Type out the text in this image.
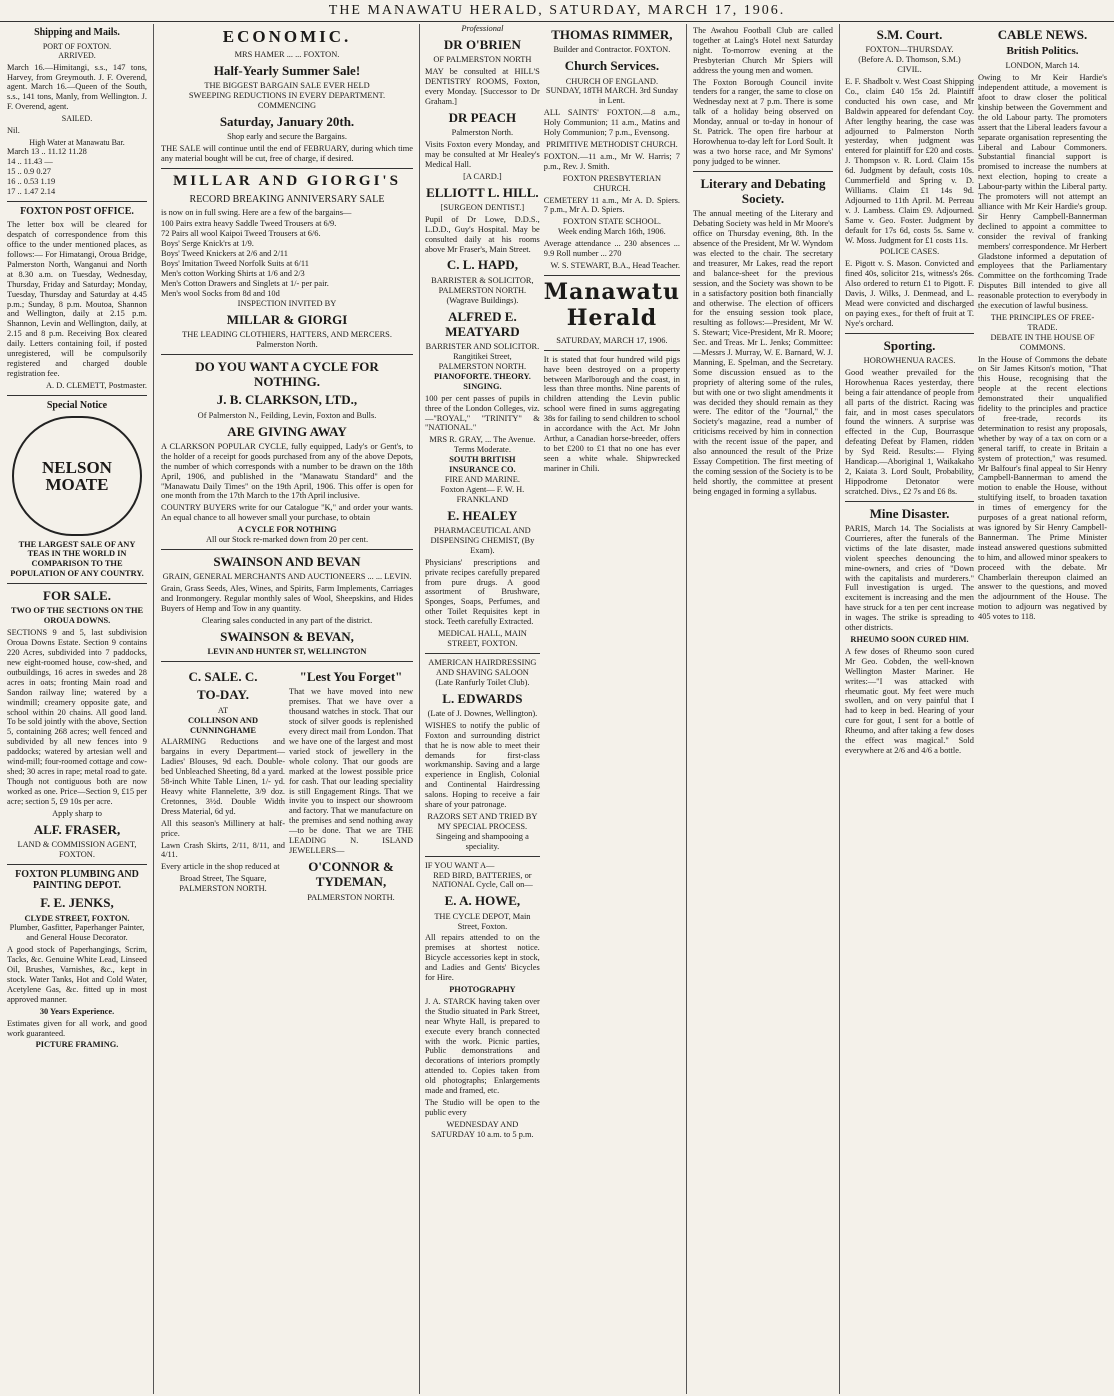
THE MANAWATU HERALD, SATURDAY, MARCH 17, 1906.
Shipping and Mails.
PORT OF FOXTON.
ARRIVED.

March 16.—Himitangi, s.s., 147 tons, Harvey, from Greymouth. J. F. Overend, agent. March 16.—Queen of the South, s.s., 141 tons, Manly, from Wellington. J. F. Overend, agent.

SAILED.

Nil.

High Water at Manawatu Bar.
March 13 .. 11.12 11.28
14 .. 11.43 —
15 .. 0.9 0.27
16 .. 0.53 1.19
17 .. 1.47 2.14
FOXTON POST OFFICE.

The letter box will be cleared for despatch of correspondence from this office to the under mentioned places, as follows:— For Himatangi, Oroua Bridge, Palmerston North, Wanganui and North at 8.30 a.m. on Tuesday, Wednesday, Thursday, Friday and Saturday; Monday, Tuesday, Thursday and Saturday at 4.45 p.m.; Sunday, 8 p.m. Moutoa, Shannon and Wellington, daily at 2.15 p.m. Shannon, Levin and Wellington, daily, at 2.15 and 8 p.m. Receiving Box cleared daily. Letters containing foil, if posted unregistered, will be compulsorily registered and charged double registration fee.

A. D. CLEMETT, Postmaster.
Special Notice
NELSON MOATE
THE LARGEST SALE OF ANY TEAS IN THE WORLD IN COMPARISON TO THE POPULATION OF ANY COUNTRY.
FOR SALE.
TWO OF THE SECTIONS ON THE OROUA DOWNS.

SECTIONS 9 and 5, last subdivision Oroua Downs Estate. Section 9 contains 220 Acres, subdivided into 7 paddocks, new eight-roomed house, cow-shed, and outbuildings, 16 acres in swedes and 28 acres in oats; fronting Main road and Sandon railway line; watered by a windmill; creamery opposite gate, and school within 20 chains. All good land. To be sold jointly with the above, Section 5, containing 268 acres; well fenced and subdivided by all new fences into 9 paddocks; watered by artesian well and wind-mill; four-roomed cottage and cow-shed; 30 acres in rape; metal road to gate. Though not contiguous both are now worked as one. Price—Section 9, £15 per acre; section 5, £9 10s per acre.

Apply sharp to
ALF. FRASER,
LAND & COMMISSION AGENT, FOXTON.
FOXTON PLUMBING AND PAINTING DEPOT.
F. E. JENKS,
CLYDE STREET, FOXTON.
Plumber, Gasfitter, Paperhanger Painter, and General House Decorator.

A good stock of Paperhangings, Scrim, Tacks, &c. Genuine White Lead, Linseed Oil, Brushes, Varnishes, &c., kept in stock. Water Tanks, Hot and Cold Water, Acetylene Gas, &c. fitted up in most approved manner.

30 Years Experience.

Estimates given for all work, and good work guaranteed.

PICTURE FRAMING.
ECONOMIC.
MRS HAMER ... ... FOXTON.
Half-Yearly Summer Sale!
THE BIGGEST BARGAIN SALE EVER HELD
SWEEPING REDUCTIONS IN EVERY DEPARTMENT.
COMMENCING
Saturday, January 20th.
Shop early and secure the Bargains.

THE SALE will continue until the end of FEBRUARY, during which time any material bought will be cut, free of charge, if desired.

MILLAR AND GIORGI'S
RECORD BREAKING ANNIVERSARY SALE

is now on in full swing. Here are a few of the bargains—

100 Pairs extra heavy Saddle Tweed Trousers at 6/9.
72 Pairs all wool Kaipoi Tweed Trousers at 6/6.
Boys' Serge Knick'rs at 1/9.
Boys' Tweed Knickers at 2/6 and 2/11
Boys' Imitation Tweed Norfolk Suits at 6/11
Men's cotton Working Shirts at 1/6 and 2/3
Men's Cotton Drawers and Singlets at 1/- per pair.
Men's wool Socks from 8d and 10d
INSPECTION INVITED BY
MILLAR & GIORGI
THE LEADING CLOTHIERS, HATTERS, AND MERCERS.
Palmerston North.
DO YOU WANT A CYCLE FOR NOTHING.
J. B. CLARKSON, LTD.,
Of Palmerston N., Feilding, Levin, Foxton and Bulls.
ARE GIVING AWAY

A CLARKSON POPULAR CYCLE, fully equipped, Lady's or Gent's, to the holder of a receipt for goods purchased from any of the above Depots, the number of which corresponds with a number to be drawn on the 18th April, 1906, and published in the "Manawatu Standard" and the "Manawatu Daily Times" on the 19th April, 1906. This offer is open for one month from the 17th March to the 17th April inclusive.

COUNTRY BUYERS write for our Catalogue "K," and order your wants. An equal chance to all however small your purchase, to obtain

A CYCLE FOR NOTHING
All our Stock re-marked down from 20 per cent.
SWAINSON AND BEVAN
GRAIN, GENERAL MERCHANTS AND AUCTIONEERS ... ... LEVIN.

Grain, Grass Seeds, Ales, Wines, and Spirits, Farm Implements, Carriages and Ironmongery. Regular monthly sales of Wool, Sheepskins, and Hides Buyers of Hemp and Tow in any quantity.

Clearing sales conducted in any part of the district.
SWAINSON & BEVAN,
LEVIN AND HUNTER ST, WELLINGTON
C. SALE. C.
TO-DAY.
AT
COLLINSON AND CUNNINGHAME

ALARMING Reductions and bargains in every Department— Ladies' Blouses, 9d each. Double-bed Unbleached Sheeting, 8d a yard. 58-inch White Table Linen, 1/- yd. Heavy white Flannelette, 3/9 doz. Cretonnes, 3½d. Double Width Dress Material, 6d yd.

All this season's Millinery at half-price.

Lawn Crash Skirts, 2/11, 8/11, and 4/11.

Every article in the shop reduced at

Broad Street, The Square, PALMERSTON NORTH.
"Lest You Forget"

That we have moved into new premises. That we have over a thousand watches in stock. That our stock of silver goods is replenished every direct mail from London. That we have one of the largest and most varied stock of jewellery in the whole colony. That our goods are marked at the lowest possible price for cash. That our leading speciality is still Engagement Rings. That we invite you to inspect our showroom and factory. That we manufacture on the premises and send nothing away—to be done. That we are THE LEADING N. ISLAND JEWELLERS—

O'CONNOR & TYDEMAN,
PALMERSTON NORTH.
Professional
DR O'BRIEN
OF PALMERSTON NORTH

MAY be consulted at HILL'S DENTISTRY ROOMS, Foxton, every Monday. [Successor to Dr Graham.]

DR PEACH
Palmerston North.

Visits Foxton every Monday, and may be consulted at Mr Healey's Medical Hall.

[A CARD.]
ELLIOTT L. HILL.
[SURGEON DENTIST.]

Pupil of Dr Lowe, D.D.S., L.D.D., Guy's Hospital. May be consulted daily at his rooms above Mr Fraser's, Main Street.

C. L. HAPD,
BARRISTER & SOLICITOR, PALMERSTON NORTH. (Wagrave Buildings).
ALFRED E. MEATYARD
BARRISTER AND SOLICITOR. Rangitikei Street, PALMERSTON NORTH.
PIANOFORTE. THEORY. SINGING.

100 per cent passes of pupils in three of the London Colleges, viz.—"ROYAL," "TRINITY" & "NATIONAL."

MRS R. GRAY, ... The Avenue. Terms Moderate.
SOUTH BRITISH INSURANCE CO.
FIRE AND MARINE.
Foxton Agent— F. W. H. FRANKLAND
E. HEALEY
PHARMACEUTICAL AND DISPENSING CHEMIST, (By Exam).

Physicians' prescriptions and private recipes carefully prepared from pure drugs. A good assortment of Brushware, Sponges, Soaps, Perfumes, and other Toilet Requisites kept in stock. Teeth carefully Extracted.

MEDICAL HALL, MAIN STREET, FOXTON.
AMERICAN HAIRDRESSING AND SHAVING SALOON
(Late Ranfurly Toilet Club).
L. EDWARDS
(Late of J. Downes, Wellington).

WISHES to notify the public of Foxton and surrounding district that he is now able to meet their demands for first-class workmanship. Saving and a large experience in English, Colonial and Continental Hairdressing salons. Hoping to receive a fair share of your patronage.

RAZORS SET AND TRIED BY MY SPECIAL PROCESS.
Singeing and shampooing a speciality.
IF YOU WANT A—
RED BIRD, BATTERIES, or NATIONAL Cycle, Call on—
E. A. HOWE,
THE CYCLE DEPOT, Main Street, Foxton.

All repairs attended to on the premises at shortest notice. Bicycle accessories kept in stock, and Ladies and Gents' Bicycles for Hire.

PHOTOGRAPHY

J. A. STARCK having taken over the Studio situated in Park Street, near Whyte Hall, is prepared to execute every branch connected with the work. Picnic parties, Public demonstrations and decorations of interiors promptly attended to. Copies taken from old photographs; Enlargements made and framed, etc.

The Studio will be open to the public every

WEDNESDAY AND SATURDAY 10 a.m. to 5 p.m.
THOMAS RIMMER,
Builder and Contractor. FOXTON.
Church Services.
CHURCH OF ENGLAND.
SUNDAY, 18TH MARCH. 3rd Sunday in Lent.

ALL SAINTS' FOXTON.—8 a.m., Holy Communion; 11 a.m., Matins and Holy Communion; 7 p.m., Evensong.

PRIMITIVE METHODIST CHURCH.

FOXTON.—11 a.m., Mr W. Harris; 7 p.m., Rev. J. Smith.

FOXTON PRESBYTERIAN CHURCH.

CEMETERY 11 a.m., Mr A. D. Spiers. 7 p.m., Mr A. D. Spiers.

FOXTON STATE SCHOOL.
Week ending March 16th, 1906.

Average attendance ... 230 absences ... 9.9 Roll number ... 270

W. S. STEWART, B.A., Head Teacher.
Manawatu Herald
SATURDAY, MARCH 17, 1906.

It is stated that four hundred wild pigs have been destroyed on a property between Marlborough and the coast, in less than three months. Nine parents of children attending the Levin public school were fined in sums aggregating 38s for failing to send children to school in accordance with the Act. Mr John Arthur, a Canadian horse-breeder, offers to bet £200 to £1 that no one has ever seen a white whale. Shipwrecked mariner in Chili.

The Awahou Football Club are called together at Laing's Hotel next Saturday night. To-morrow evening at the Presbyterian Church Mr Spiers will address the young men and women.

The Foxton Borough Council invite tenders for a ranger, the same to close on Wednesday next at 7 p.m. There is some talk of a holiday being observed on Monday, annual or to-day in honour of St. Patrick. The open fire harbour at Horowhenua to-day left for Lord Soult. It was a two horse race, and Mr Symons' pony judged to be winner.

Literary and Debating Society.

The annual meeting of the Literary and Debating Society was held in Mr Moore's office on Thursday evening, 8th. In the absence of the President, Mr W. Wyndom was elected to the chair. The secretary and treasurer, Mr Lakes, read the report and balance-sheet for the previous session, and the Society was shown to be in a satisfactory position both financially and otherwise. The election of officers for the ensuing session took place, resulting as follows:—President, Mr W. S. Stewart; Vice-President, Mr R. Moore; Sec. and Treas. Mr L. Jenks; Committee:—Messrs J. Murray, W. E. Barnard, W. J. Manning, E. Spelman, and the Secretary. Some discussion ensued as to the propriety of altering some of the rules, but with one or two slight amendments it was decided they should remain as they were. The editor of the "Journal," the Society's magazine, read a number of criticisms received by him in connection with the recent issue of the paper, and also announced the result of the Prize Essay Competition. The first meeting of the coming session of the Society is to be held shortly, the committee at present being engaged in forming a syllabus.

S.M. Court.
FOXTON—THURSDAY.
(Before A. D. Thomson, S.M.)
CIVIL.

E. F. Shadbolt v. West Coast Shipping Co., claim £40 15s 2d. Plaintiff conducted his own case, and Mr Baldwin appeared for defendant Coy. After lengthy hearing, the case was adjourned to Palmerston North yesterday, when judgment was entered for plaintiff for £20 and costs. J. Thompson v. R. Lord. Claim 15s 6d. Judgment by default, costs 10s. Cummerfield and Spring v. D. Williams. Claim £1 14s 9d. Adjourned to 11th April. M. Perreau v. J. Lambess. Claim £9. Adjourned. Same v. Geo. Foster. Judgment by default for 17s 6d, costs 5s. Same v. W. Moss. Judgment for £1 costs 11s.

POLICE CASES.

E. Pigott v. S. Mason. Convicted and fined 40s, solicitor 21s, witness's 26s. Also ordered to return £1 to Pigott. F. Davis, J. Wilks, J. Denmead, and L. Mead were convicted and discharged on paying exes., for theft of fruit at T. Nye's orchard.

Sporting.
HOROWHENUA RACES.

Good weather prevailed for the Horowhenua Races yesterday, there being a fair attendance of people from all parts of the district. Racing was fair, and in most cases speculators found the winners. A surprise was effected in the Cup, Bourrasque defeating Defeat by Flamen, ridden by Syd Reid. Results:— Flying Handicap.—Aboriginal 1, Waikakaho 2, Kaiata 3. Lord Soult, Probability, Hippodrome Detonator were scratched. Divs., £2 7s and £6 8s.

Mine Disaster.

PARIS, March 14. The Socialists at Courrieres, after the funerals of the victims of the late disaster, made violent speeches denouncing the mine-owners, and cries of "Down with the capitalists and murderers." Full investigation is urged. The excitement is increasing and the men have struck for a ten per cent increase in wages. The strike is spreading to other districts.

RHEUMO SOON CURED HIM.

A few doses of Rheumo soon cured Mr Geo. Cobden, the well-known Wellington Master Mariner. He writes:—"I was attacked with rheumatic gout. My feet were much swollen, and on very painful that I had to keep in bed. Hearing of your cure for gout, I sent for a bottle of Rheumo, and after taking a few doses the effect was magical." Sold everywhere at 2/6 and 4/6 a bottle.

CABLE NEWS.
British Politics.
LONDON, March 14.

Owing to Mr Keir Hardie's independent attitude, a movement is afoot to draw closer the political kinship between the Government and the old Labour party. The promoters assert that the Liberal leaders favour a separate organisation representing the Liberal and Labour Commoners. Substantial financial support is promised to increase the numbers at next election, hoping to create a Labour-party within the Liberal party. The promoters will not attempt an alliance with Mr Keir Hardie's group. Sir Henry Campbell-Bannerman declined to appoint a committee to consider the revival of franking members' correspondence. Mr Herbert Gladstone informed a deputation of employees that the Parliamentary Committee on the forthcoming Trade Disputes Bill intended to give all reasonable protection to everybody in the execution of lawful business.

THE PRINCIPLES OF FREE-TRADE.
DEBATE IN THE HOUSE OF COMMONS.

In the House of Commons the debate on Sir James Kitson's motion, "That this House, recognising that the people at the recent elections demonstrated their unqualified fidelity to the principles and practice of free-trade, records its determination to resist any proposals, whether by way of a tax on corn or a general tariff, to create in Britain a system of protection," was resumed. Mr Balfour's final appeal to Sir Henry Campbell-Bannerman to amend the motion to enable the House, without stultifying itself, to broaden taxation in times of emergency for the purposes of a great national reform, was ignored by Sir Henry Campbell-Bannerman. The Prime Minister instead answered questions submitted to him, and allowed minor speakers to proceed with the debate. Mr Chamberlain thereupon claimed an answer to the questions, and moved the adjournment of the House. The motion to adjourn was negatived by 405 votes to 118.
